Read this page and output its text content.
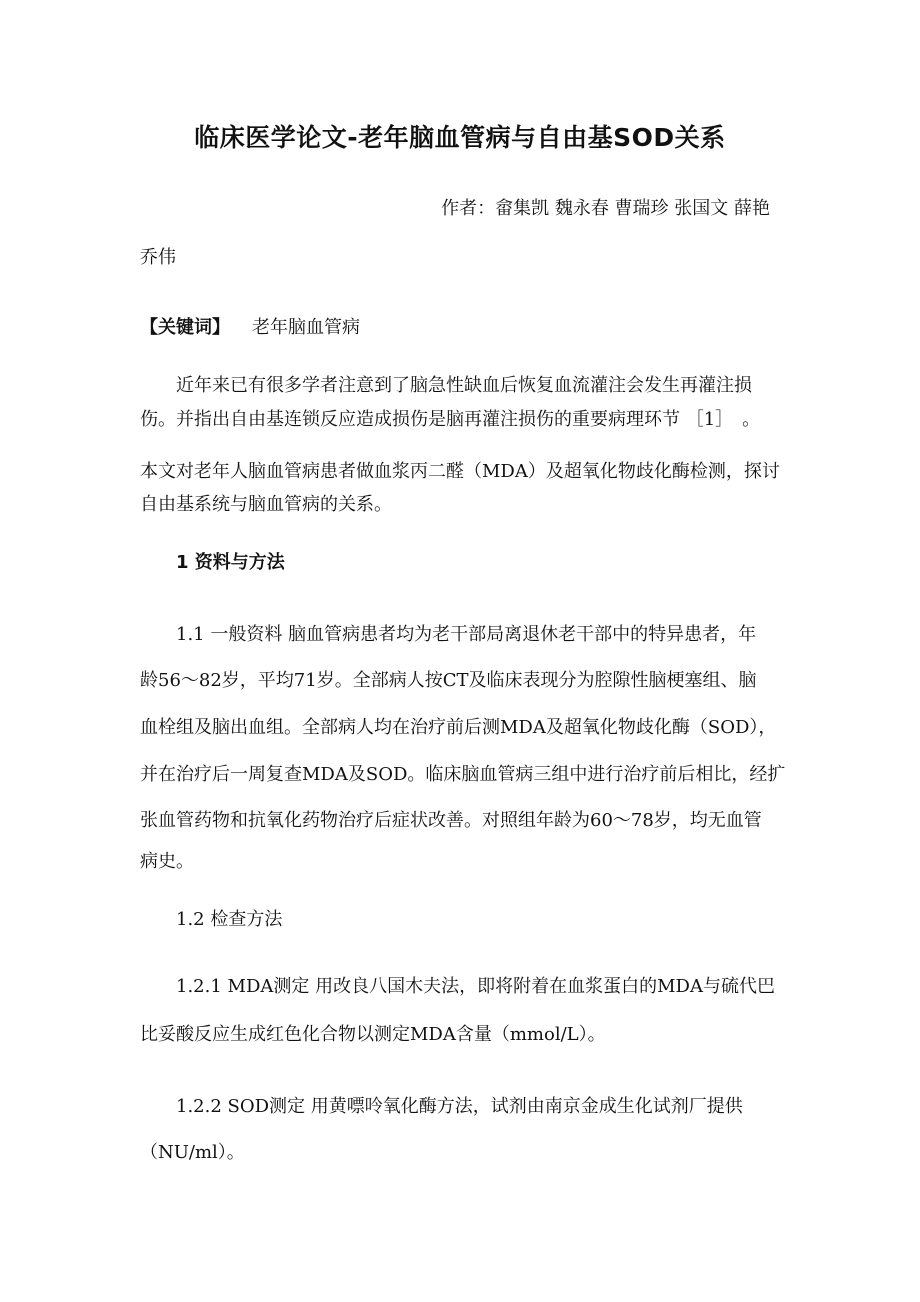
临床医学论文-老年脑血管病与自由基SOD关系
作者：畲集凯 魏永春 曹瑞珍 张国文 薛艳
乔伟
【关键词】 老年脑血管病
近年来已有很多学者注意到了脑急性缺血后恢复血流灌注会发生再灌注损
伤。并指出自由基连锁反应造成损伤是脑再灌注损伤的重要病理环节 ［1］　。
本文对老年人脑血管病患者做血浆丙二醛（MDA）及超氧化物歧化酶检测，探讨
自由基系统与脑血管病的关系。
1 资料与方法
1.1 一般资料 脑血管病患者均为老干部局离退休老干部中的特异患者，年
龄56～82岁，平均71岁。全部病人按CT及临床表现分为腔隙性脑梗塞组、脑
血栓组及脑出血组。全部病人均在治疗前后测MDA及超氧化物歧化酶（SOD），
并在治疗后一周复查MDA及SOD。临床脑血管病三组中进行治疗前后相比，经扩
张血管药物和抗氧化药物治疗后症状改善。对照组年龄为60～78岁，均无血管
病史。
1.2 检查方法
1.2.1 MDA测定 用改良八国木夫法，即将附着在血浆蛋白的MDA与硫代巴
比妥酸反应生成红色化合物以测定MDA含量（mmol/L）。
1.2.2 SOD测定 用黄嘌呤氧化酶方法，试剂由南京金成生化试剂厂提供
（NU/ml）。
